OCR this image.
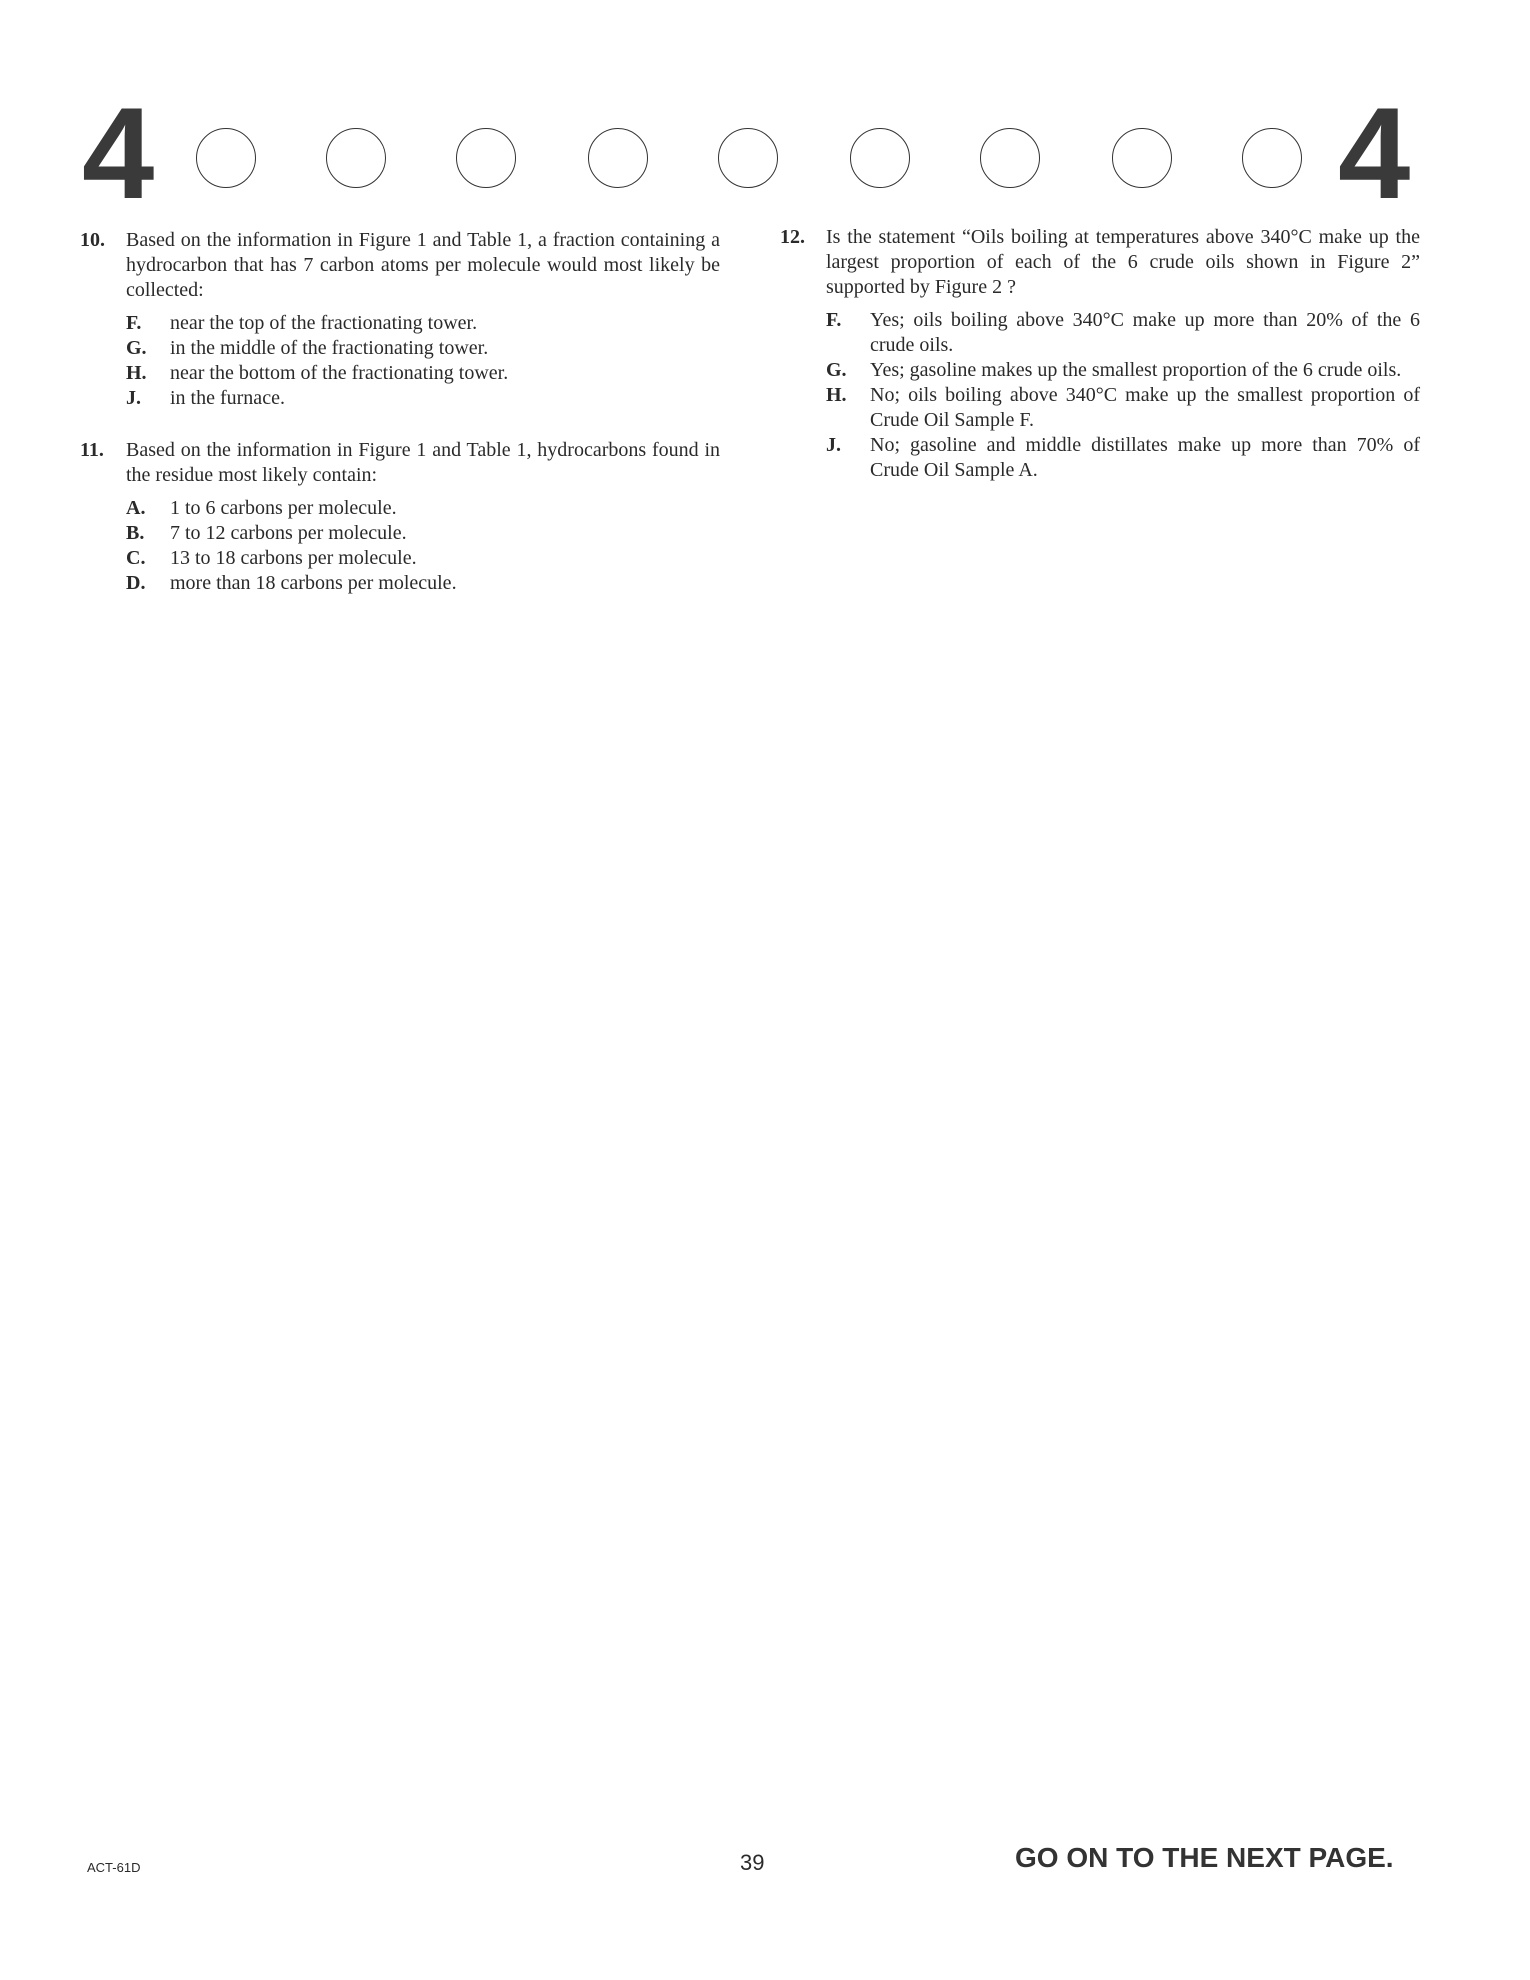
4	4
10.	Based on the information in Figure 1 and Table 1, a fraction containing a hydrocarbon that has 7 carbon atoms per molecule would most likely be collected:
F.	near the top of the fractionating tower.
G.	in the middle of the fractionating tower.
H.	near the bottom of the fractionating tower.
J.	in the furnace.
11.	Based on the information in Figure 1 and Table 1, hydrocarbons found in the residue most likely contain:
A.	1 to 6 carbons per molecule.
B.	7 to 12 carbons per molecule.
C.	13 to 18 carbons per molecule.
D.	more than 18 carbons per molecule.
12.	Is the statement “Oils boiling at temperatures above 340°C make up the largest proportion of each of the 6 crude oils shown in Figure 2” supported by Figure 2 ?
F.	Yes; oils boiling above 340°C make up more than 20% of the 6 crude oils.
G.	Yes; gasoline makes up the smallest proportion of the 6 crude oils.
H.	No; oils boiling above 340°C make up the smallest proportion of Crude Oil Sample F.
J.	No; gasoline and middle distillates make up more than 70% of Crude Oil Sample A.
ACT-61D	39	GO ON TO THE NEXT PAGE.
